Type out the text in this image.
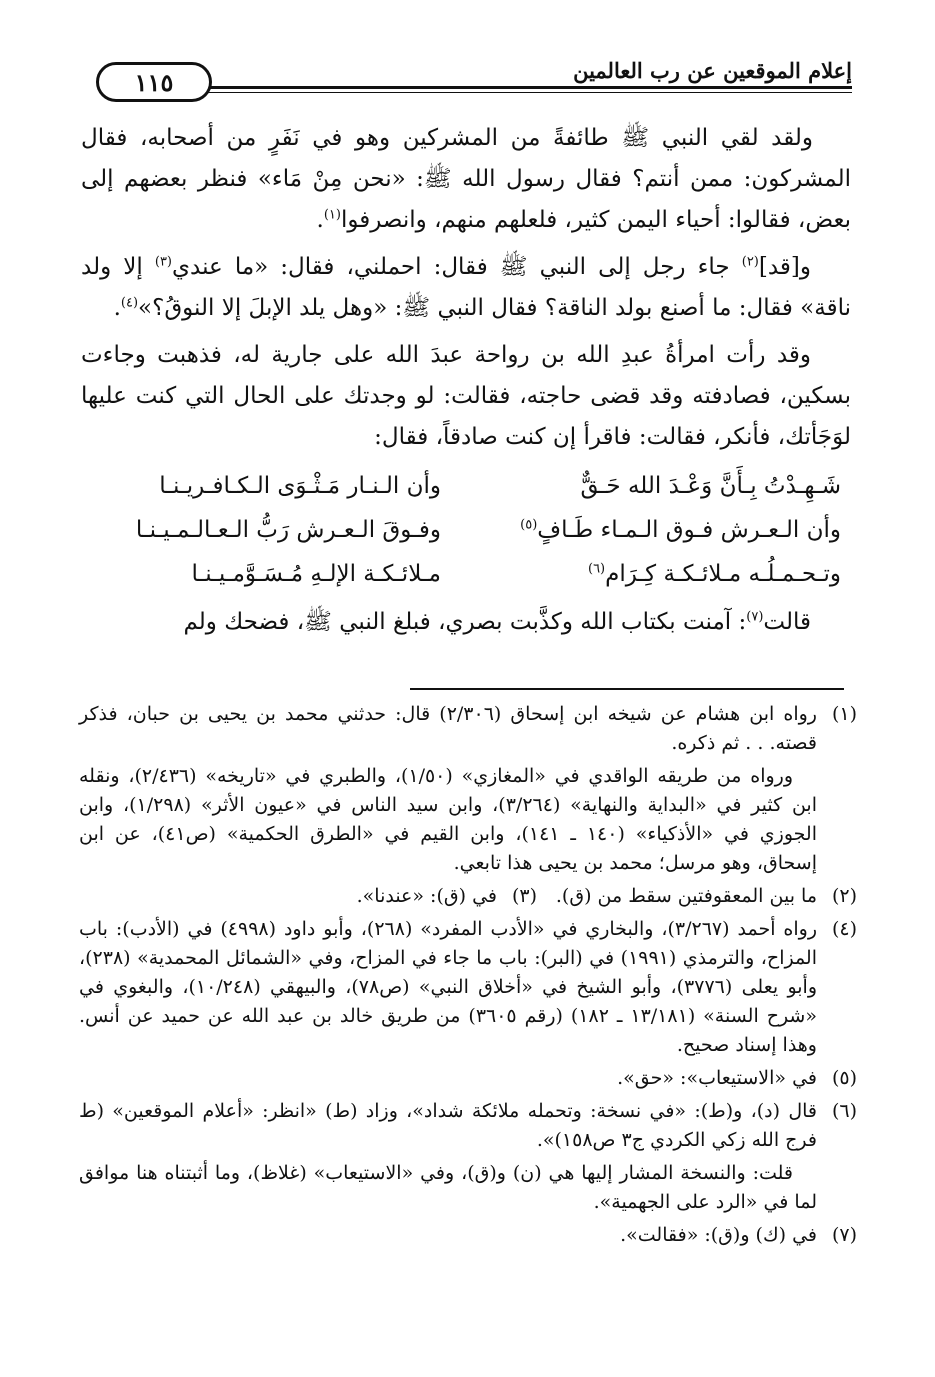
إعلام الموقعين عن رب العالمين
١١٥

ولقد لقي النبي ﷺ طائفةً من المشركين وهو في نَفَرٍ من أصحابه، فقال المشركون: ممن أنتم؟ فقال رسول الله ﷺ: «نحن مِنْ مَاء» فنظر بعضهم إلى بعض، فقالوا: أحياء اليمن كثير، فلعلهم منهم، وانصرفوا$^{(١)}$.

و[قد]$^{(٢)}$ جاء رجل إلى النبي ﷺ فقال: احملني، فقال: «ما عندي$^{(٣)}$ إلا ولد ناقة» فقال: ما أصنع بولد الناقة؟ فقال النبي ﷺ: «وهل يلد الإبلَ إلا النوقُ؟»$^{(٤)}$.

وقد رأت امرأةُ عبدِ الله بن رواحة عبدَ الله على جارية له، فذهبت وجاءت بسكين، فصادفته وقد قضى حاجته، فقالت: لو وجدتك على الحال التي كنت عليها لوَجَأتك، فأنكر، فقالت: فاقرأ إن كنت صادقاً، فقال:

شَـهِـدْتُ بِـأَنَّ وَعْـدَ الله حَـقٌّ
وأن الـنـار مَـثْـوَى الـكـافـريـنـا
وأن الـعـرش فـوق الـمـاء طَـافٍ$^{(٥)}$
وفـوقَ الـعـرش رَبُّ الـعـالـمـيـنـا
وتـحـمـلُـه مـلائـكـة كِـرَام$^{(٦)}$
مـلائـكـة الإلـهِ مُـسَـوَّمـيـنـا

قالت$^{(٧)}$: آمنت بكتاب الله وكذَّبت بصري، فبلغ النبي ﷺ، فضحك ولم

(١)
رواه ابن هشام عن شيخه ابن إسحاق (٢/٣٠٦) قال: حدثني محمد بن يحيى بن حبان، فذكر قصته. . . ثم ذكره.
ورواه من طريقه الواقدي في «المغازي» (١/٥٠)، والطبري في «تاريخه» (٢/٤٣٦)، ونقله ابن كثير في «البداية والنهاية» (٣/٢٦٤)، وابن سيد الناس في «عيون الأثر» (١/٢٩٨)، وابن الجوزي في «الأذكياء» (١٤٠ ـ ١٤١)، وابن القيم في «الطرق الحكمية» (ص٤١)، عن ابن إسحاق، وهو مرسل؛ محمد بن يحيى هذا تابعي.
(٢)
ما بين المعقوفتين سقط من (ق).
(٣)
في (ق): «عندنا».
(٤)
رواه أحمد (٣/٢٦٧)، والبخاري في «الأدب المفرد» (٢٦٨)، وأبو داود (٤٩٩٨) في (الأدب): باب المزاح، والترمذي (١٩٩١) في (البر): باب ما جاء في المزاح، وفي «الشمائل المحمدية» (٢٣٨)، وأبو يعلى (٣٧٧٦)، وأبو الشيخ في «أخلاق النبي» (ص٧٨)، والبيهقي (١٠/٢٤٨)، والبغوي في «شرح السنة» (١٣/١٨١ ـ ١٨٢) (رقم ٣٦٠٥) من طريق خالد بن عبد الله عن حميد عن أنس. وهذا إسناد صحيح.
(٥)
في «الاستيعاب»: «حق».
(٦)
قال (د)، و(ط): «في نسخة: وتحمله ملائكة شداد»، وزاد (ط) «انظر: «أعلام الموقعين» (ط فرج الله زكي الكردي ج٣ ص١٥٨)».
قلت: والنسخة المشار إليها هي (ن) و(ق)، وفي «الاستيعاب» (غلاظ)، وما أثبتناه هنا موافق لما في «الرد على الجهمية».
(٧)
في (ك) و(ق): «فقالت».
